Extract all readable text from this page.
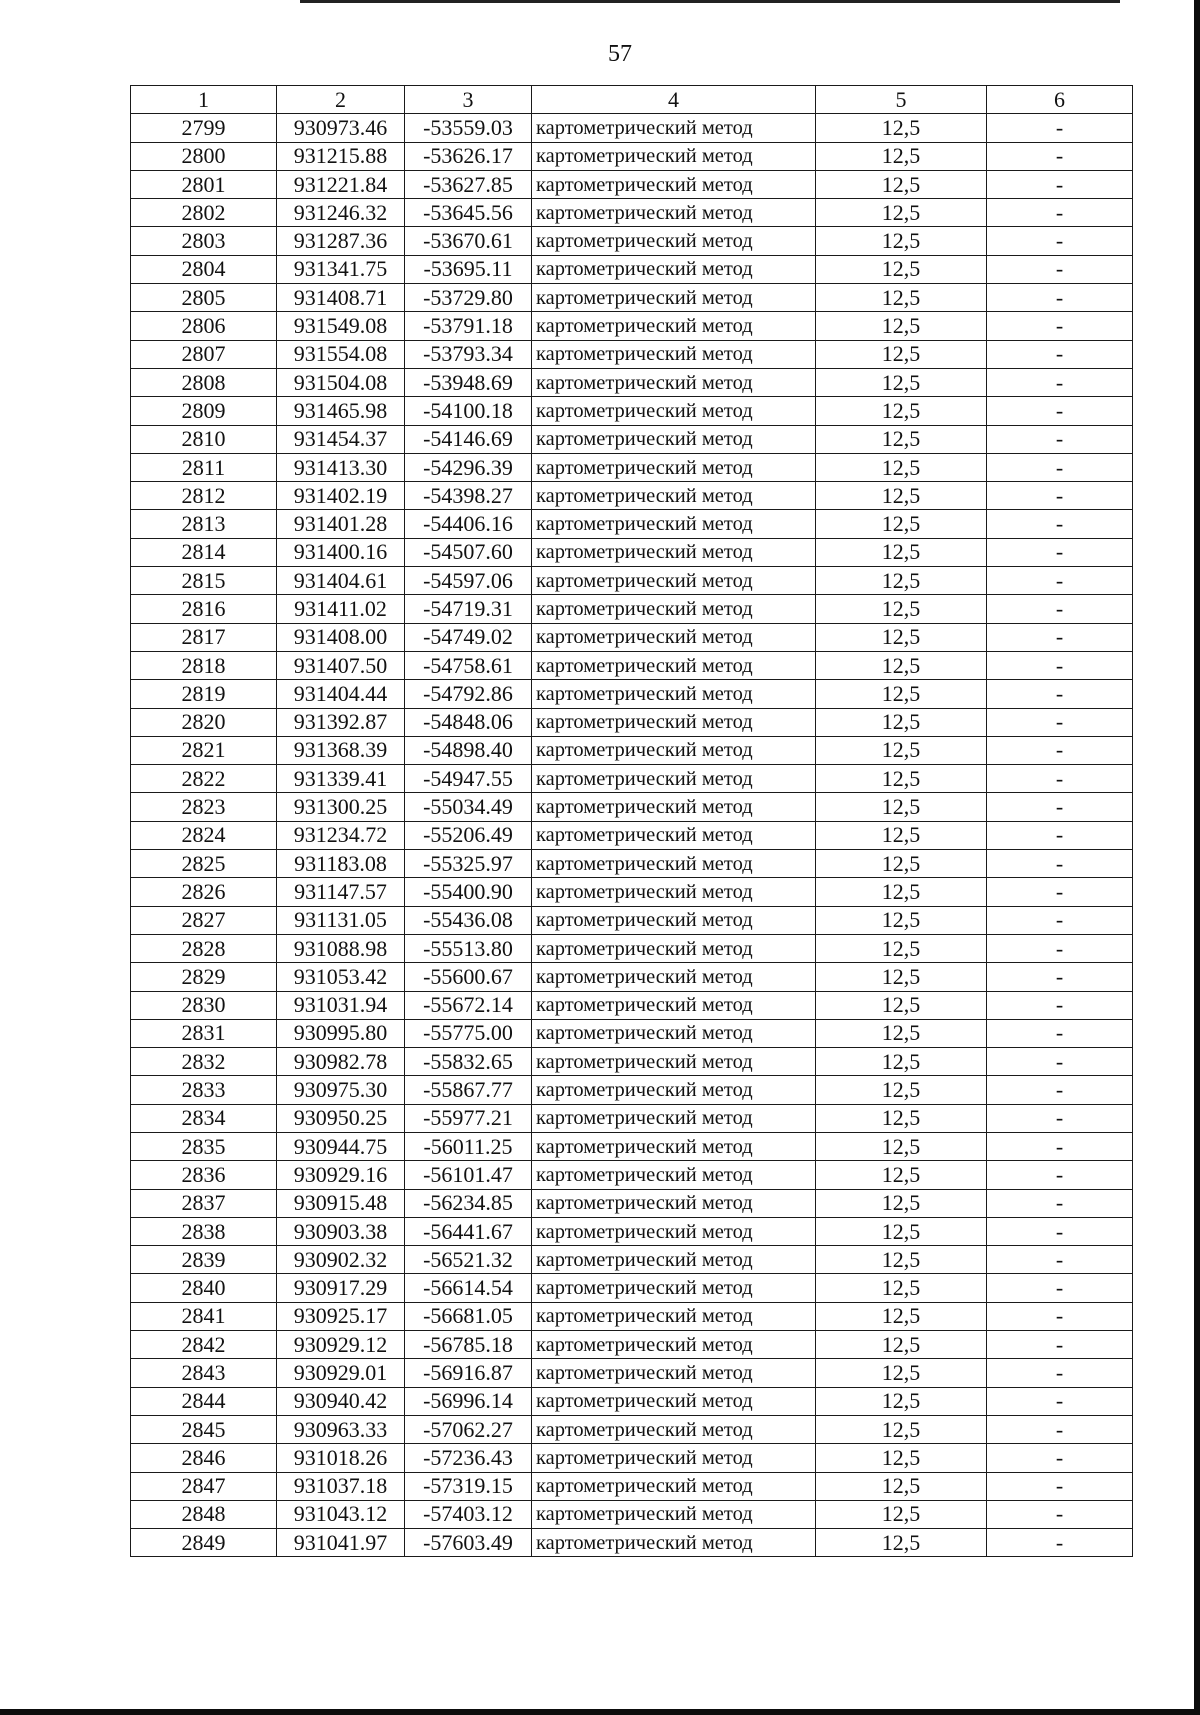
57
1	2	3	4	5	6
2799	930973.46	-53559.03	картометрический метод	12,5	-
2800	931215.88	-53626.17	картометрический метод	12,5	-
2801	931221.84	-53627.85	картометрический метод	12,5	-
2802	931246.32	-53645.56	картометрический метод	12,5	-
2803	931287.36	-53670.61	картометрический метод	12,5	-
2804	931341.75	-53695.11	картометрический метод	12,5	-
2805	931408.71	-53729.80	картометрический метод	12,5	-
2806	931549.08	-53791.18	картометрический метод	12,5	-
2807	931554.08	-53793.34	картометрический метод	12,5	-
2808	931504.08	-53948.69	картометрический метод	12,5	-
2809	931465.98	-54100.18	картометрический метод	12,5	-
2810	931454.37	-54146.69	картометрический метод	12,5	-
2811	931413.30	-54296.39	картометрический метод	12,5	-
2812	931402.19	-54398.27	картометрический метод	12,5	-
2813	931401.28	-54406.16	картометрический метод	12,5	-
2814	931400.16	-54507.60	картометрический метод	12,5	-
2815	931404.61	-54597.06	картометрический метод	12,5	-
2816	931411.02	-54719.31	картометрический метод	12,5	-
2817	931408.00	-54749.02	картометрический метод	12,5	-
2818	931407.50	-54758.61	картометрический метод	12,5	-
2819	931404.44	-54792.86	картометрический метод	12,5	-
2820	931392.87	-54848.06	картометрический метод	12,5	-
2821	931368.39	-54898.40	картометрический метод	12,5	-
2822	931339.41	-54947.55	картометрический метод	12,5	-
2823	931300.25	-55034.49	картометрический метод	12,5	-
2824	931234.72	-55206.49	картометрический метод	12,5	-
2825	931183.08	-55325.97	картометрический метод	12,5	-
2826	931147.57	-55400.90	картометрический метод	12,5	-
2827	931131.05	-55436.08	картометрический метод	12,5	-
2828	931088.98	-55513.80	картометрический метод	12,5	-
2829	931053.42	-55600.67	картометрический метод	12,5	-
2830	931031.94	-55672.14	картометрический метод	12,5	-
2831	930995.80	-55775.00	картометрический метод	12,5	-
2832	930982.78	-55832.65	картометрический метод	12,5	-
2833	930975.30	-55867.77	картометрический метод	12,5	-
2834	930950.25	-55977.21	картометрический метод	12,5	-
2835	930944.75	-56011.25	картометрический метод	12,5	-
2836	930929.16	-56101.47	картометрический метод	12,5	-
2837	930915.48	-56234.85	картометрический метод	12,5	-
2838	930903.38	-56441.67	картометрический метод	12,5	-
2839	930902.32	-56521.32	картометрический метод	12,5	-
2840	930917.29	-56614.54	картометрический метод	12,5	-
2841	930925.17	-56681.05	картометрический метод	12,5	-
2842	930929.12	-56785.18	картометрический метод	12,5	-
2843	930929.01	-56916.87	картометрический метод	12,5	-
2844	930940.42	-56996.14	картометрический метод	12,5	-
2845	930963.33	-57062.27	картометрический метод	12,5	-
2846	931018.26	-57236.43	картометрический метод	12,5	-
2847	931037.18	-57319.15	картометрический метод	12,5	-
2848	931043.12	-57403.12	картометрический метод	12,5	-
2849	931041.97	-57603.49	картометрический метод	12,5	-
